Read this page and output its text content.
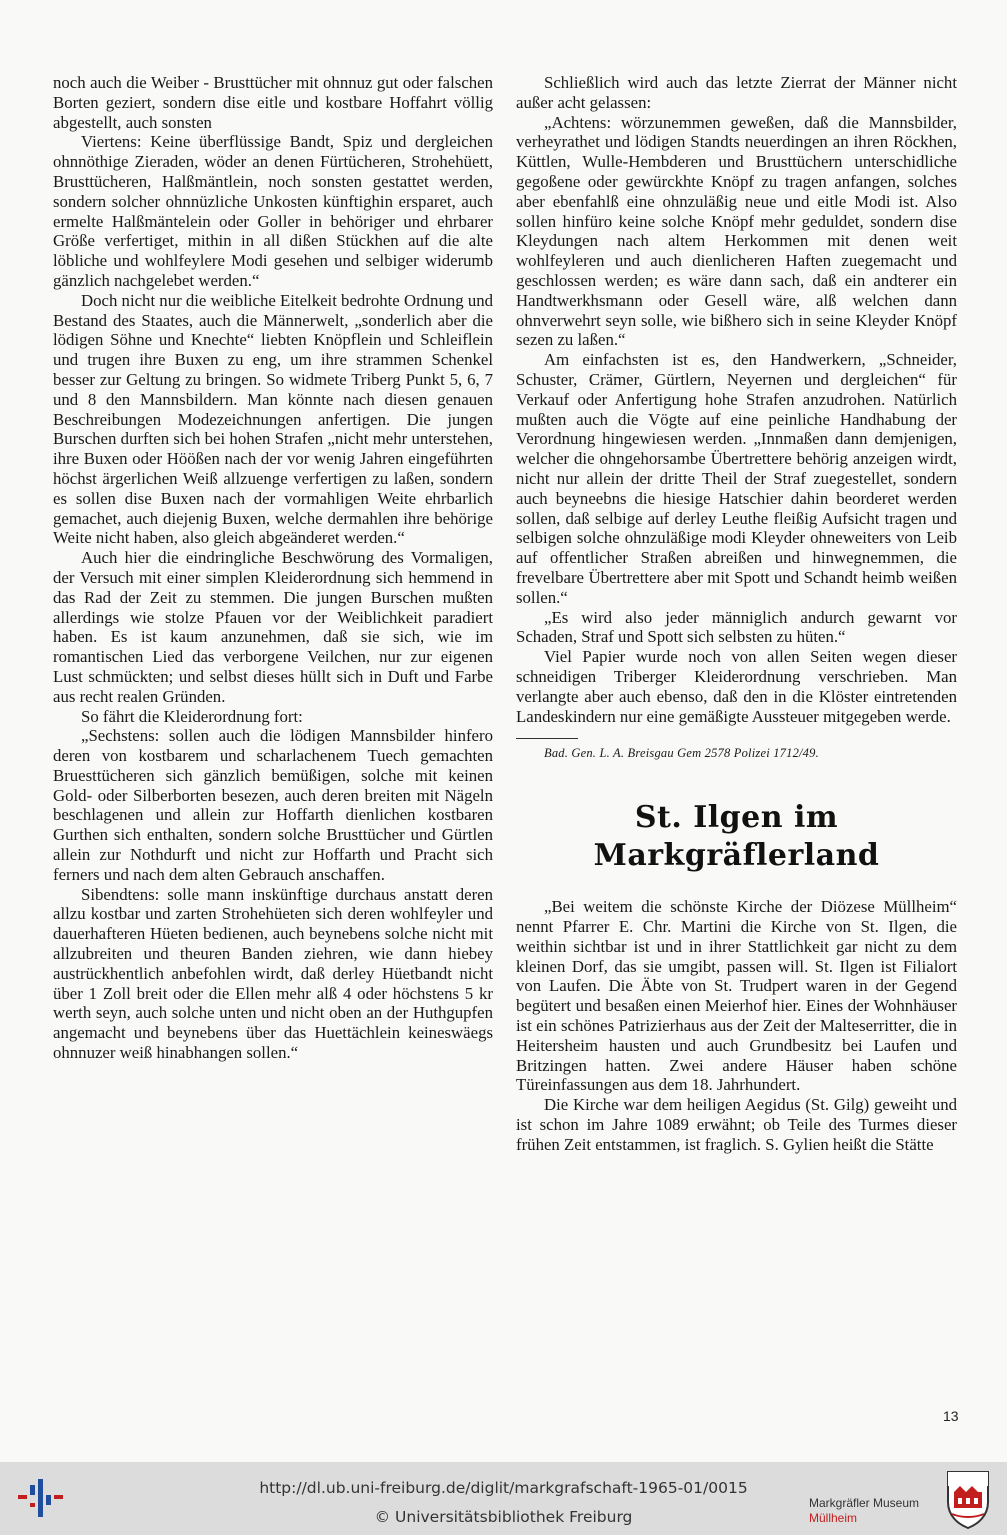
noch auch die Weiber - Brusttücher mit ohnnuz gut oder falschen Borten geziert, sondern dise eitle und kostbare Hoffahrt völlig abgestellt, auch sonsten

Viertens: Keine überflüssige Bandt, Spiz und dergleichen ohnnöthige Zieraden, wöder an denen Fürtücheren, Strohehüett, Brusttücheren, Halßmäntlein, noch sonsten gestattet werden, sondern solcher ohnnüzliche Unkosten künftighin ersparet, auch ermelte Halßmäntelein oder Goller in behöriger und ehrbarer Größe verfertiget, mithin in all dißen Stückhen auf die alte löbliche und wohlfeylere Modi gesehen und selbiger widerumb gänzlich nachgelebet werden.“

Doch nicht nur die weibliche Eitelkeit bedrohte Ordnung und Bestand des Staates, auch die Männerwelt, „sonderlich aber die lödigen Söhne und Knechte“ liebten Knöpflein und Schleiflein und trugen ihre Buxen zu eng, um ihre strammen Schenkel besser zur Geltung zu bringen. So widmete Triberg Punkt 5, 6, 7 und 8 den Mannsbildern. Man könnte nach diesen genauen Beschreibungen Modezeichnungen anfertigen. Die jungen Burschen durften sich bei hohen Strafen „nicht mehr unterstehen, ihre Buxen oder Höößen nach der vor wenig Jahren eingeführten höchst ärgerlichen Weiß allzuenge verfertigen zu laßen, sondern es sollen dise Buxen nach der vormahligen Weite ehrbarlich gemachet, auch diejenig Buxen, welche dermahlen ihre behörige Weite nicht haben, also gleich abgeänderet werden.“

Auch hier die eindringliche Beschwörung des Vormaligen, der Versuch mit einer simplen Kleiderordnung sich hemmend in das Rad der Zeit zu stemmen. Die jungen Burschen mußten allerdings wie stolze Pfauen vor der Weiblichkeit paradiert haben. Es ist kaum anzunehmen, daß sie sich, wie im romantischen Lied das verborgene Veilchen, nur zur eigenen Lust schmückten; und selbst dieses hüllt sich in Duft und Farbe aus recht realen Gründen.

So fährt die Kleiderordnung fort:

„Sechstens: sollen auch die lödigen Mannsbilder hinfero deren von kostbarem und scharlachenem Tuech gemachten Bruesttücheren sich gänzlich bemüßigen, solche mit keinen Gold- oder Silberborten besezen, auch deren breiten mit Nägeln beschlagenen und allein zur Hoffarth dienlichen kostbaren Gurthen sich enthalten, sondern solche Brusttücher und Gürtlen allein zur Nothdurft und nicht zur Hoffarth und Pracht sich ferners und nach dem alten Gebrauch anschaffen.

Sibendtens: solle mann inskünftige durchaus anstatt deren allzu kostbar und zarten Strohehüeten sich deren wohlfeyler und dauerhafteren Hüeten bedienen, auch beynebens solche nicht mit allzubreiten und theuren Banden ziehren, wie dann hiebey austrückhentlich anbefohlen wirdt, daß derley Hüetbandt nicht über 1 Zoll breit oder die Ellen mehr alß 4 oder höchstens 5 kr werth seyn, auch solche unten und nicht oben an der Huthgupfen angemacht und beynebens über das Huettächlein keineswäegs ohnnuzer weiß hinabhangen sollen.“

Schließlich wird auch das letzte Zierrat der Männer nicht außer acht gelassen:

„Achtens: wörzunemmen geweßen, daß die Mannsbilder, verheyrathet und lödigen Standts neuerdingen an ihren Röckhen, Küttlen, Wulle-Hembderen und Brusttüchern unterschidliche gegoßene oder gewürckhte Knöpf zu tragen anfangen, solches aber ebenfahlß eine ohnzuläßig neue und eitle Modi ist. Also sollen hinfüro keine solche Knöpf mehr geduldet, sondern dise Kleydungen nach altem Herkommen mit denen weit wohlfeyleren und auch dienlicheren Haften zuegemacht und geschlossen werden; es wäre dann sach, daß ein andterer ein Handtwerkhsmann oder Gesell wäre, alß welchen dann ohnverwehrt seyn solle, wie bißhero sich in seine Kleyder Knöpf sezen zu laßen.“

Am einfachsten ist es, den Handwerkern, „Schneider, Schuster, Crämer, Gürtlern, Neyernen und dergleichen“ für Verkauf oder Anfertigung hohe Strafen anzudrohen. Natürlich mußten auch die Vögte auf eine peinliche Handhabung der Verordnung hingewiesen werden. „Innmaßen dann demjenigen, welcher die ohngehorsambe Übertrettere behörig anzeigen wirdt, nicht nur allein der dritte Theil der Straf zuegestellet, sondern auch beyneebns die hiesige Hatschier dahin beorderet werden sollen, daß selbige auf derley Leuthe fleißig Aufsicht tragen und selbigen solche ohnzuläßige modi Kleyder ohneweiters von Leib auf offentlicher Straßen abreißen und hinwegnemmen, die frevelbare Übertrettere aber mit Spott und Schandt heimb weißen sollen.“

„Es wird also jeder männiglich andurch gewarnt vor Schaden, Straf und Spott sich selbsten zu hüten.“

Viel Papier wurde noch von allen Seiten wegen dieser schneidigen Triberger Kleiderordnung verschrieben. Man verlangte aber auch ebenso, daß den in die Klöster eintretenden Landeskindern nur eine gemäßigte Aussteuer mitgegeben werde.

Bad. Gen. L. A. Breisgau Gem 2578 Polizei 1712/49.

St. Ilgen im Markgräflerland

„Bei weitem die schönste Kirche der Diözese Müllheim“ nennt Pfarrer E. Chr. Martini die Kirche von St. Ilgen, die weithin sichtbar ist und in ihrer Stattlichkeit gar nicht zu dem kleinen Dorf, das sie umgibt, passen will. St. Ilgen ist Filialort von Laufen. Die Äbte von St. Trudpert waren in der Gegend begütert und besaßen einen Meierhof hier. Eines der Wohnhäuser ist ein schönes Patrizierhaus aus der Zeit der Malteserritter, die in Heitersheim hausten und auch Grundbesitz bei Laufen und Britzingen hatten. Zwei andere Häuser haben schöne Türeinfassungen aus dem 18. Jahrhundert.

Die Kirche war dem heiligen Aegidus (St. Gilg) geweiht und ist schon im Jahre 1089 erwähnt; ob Teile des Turmes dieser frühen Zeit entstammen, ist fraglich. S. Gylien heißt die Stätte

13
http://dl.ub.uni-freiburg.de/diglit/markgrafschaft-1965-01/0015
© Universitätsbibliothek Freiburg
Markgräfler Museum
Müllheim
